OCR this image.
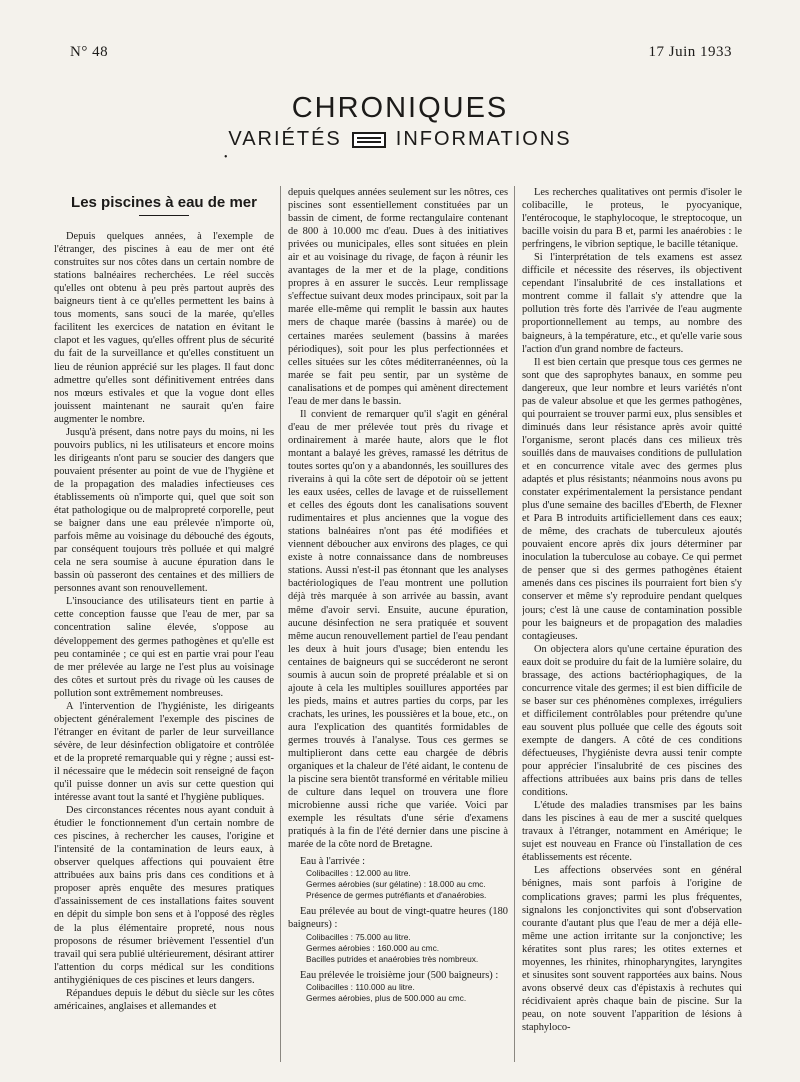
N° 48	17 Juin 1933
CHRONIQUES
VARIÉTÉS	INFORMATIONS
•
Les piscines à eau de mer

Depuis quelques années, à l'exemple de l'étranger, des piscines à eau de mer ont été construites sur nos côtes dans un certain nombre de stations balnéaires recherchées. Le réel succès qu'elles ont obtenu à peu près partout auprès des baigneurs tient à ce qu'elles permettent les bains à tous moments, sans souci de la marée, qu'elles facilitent les exercices de natation en évitant le clapot et les vagues, qu'elles offrent plus de sécurité du fait de la surveillance et qu'elles constituent un lieu de réunion apprécié sur les plages. Il faut donc admettre qu'elles sont définitivement entrées dans nos mœurs estivales et que la vogue dont elles jouissent maintenant ne saurait qu'en faire augmenter le nombre.

Jusqu'à présent, dans notre pays du moins, ni les pouvoirs publics, ni les utilisateurs et encore moins les dirigeants n'ont paru se soucier des dangers que pouvaient présenter au point de vue de l'hygiène et de la propagation des maladies infectieuses ces établissements où n'importe qui, quel que soit son état pathologique ou de malpropreté corporelle, peut se baigner dans une eau prélevée n'importe où, parfois même au voisinage du débouché des égouts, par conséquent toujours très polluée et qui malgré cela ne sera soumise à aucune épuration dans le bassin où passeront des centaines et des milliers de personnes avant son renouvellement.

L'insouciance des utilisateurs tient en partie à cette conception fausse que l'eau de mer, par sa concentration saline élevée, s'oppose au développement des germes pathogènes et qu'elle est peu contaminée ; ce qui est en partie vrai pour l'eau de mer prélevée au large ne l'est plus au voisinage des côtes et surtout près du rivage où les causes de pollution sont extrêmement nombreuses.

A l'intervention de l'hygiéniste, les dirigeants objectent généralement l'exemple des piscines de l'étranger en évitant de parler de leur surveillance sévère, de leur désinfection obligatoire et contrôlée et de la propreté remarquable qui y règne ; aussi est-il nécessaire que le médecin soit renseigné de façon qu'il puisse donner un avis sur cette question qui intéresse avant tout la santé et l'hygiène publiques.

Des circonstances récentes nous ayant conduit à étudier le fonctionnement d'un certain nombre de ces piscines, à rechercher les causes, l'origine et l'intensité de la contamination de leurs eaux, à observer quelques affections qui pouvaient être attribuées aux bains pris dans ces conditions et à proposer après enquête des mesures pratiques d'assainissement de ces installations faites souvent en dépit du simple bon sens et à l'opposé des règles de la plus élémentaire propreté, nous nous proposons de résumer brièvement l'essentiel d'un travail qui sera publié ultérieurement, désirant attirer l'attention du corps médical sur les conditions antihygiéniques de ces piscines et leurs dangers.

Répandues depuis le début du siècle sur les côtes américaines, anglaises et allemandes et

depuis quelques années seulement sur les nôtres, ces piscines sont essentiellement constituées par un bassin de ciment, de forme rectangulaire contenant de 800 à 10.000 mc d'eau. Dues à des initiatives privées ou municipales, elles sont situées en plein air et au voisinage du rivage, de façon à réunir les avantages de la mer et de la plage, conditions propres à en assurer le succès. Leur remplissage s'effectue suivant deux modes principaux, soit par la marée elle-même qui remplit le bassin aux hautes mers de chaque marée (bassins à marée) ou de certaines marées seulement (bassins à marées périodiques), soit pour les plus perfectionnées et celles situées sur les côtes méditerranéennes, où la marée se fait peu sentir, par un système de canalisations et de pompes qui amènent directement l'eau de mer dans le bassin.

Il convient de remarquer qu'il s'agit en général d'eau de mer prélevée tout près du rivage et ordinairement à marée haute, alors que le flot montant a balayé les grèves, ramassé les détritus de toutes sortes qu'on y a abandonnés, les souillures des riverains à qui la côte sert de dépotoir où se jettent les eaux usées, celles de lavage et de ruissellement et celles des égouts dont les canalisations souvent rudimentaires et plus anciennes que la vogue des stations balnéaires n'ont pas été modifiées et viennent déboucher aux environs des plages, ce qui existe à notre connaissance dans de nombreuses stations. Aussi n'est-il pas étonnant que les analyses bactériologiques de l'eau montrent une pollution déjà très marquée à son arrivée au bassin, avant même d'avoir servi. Ensuite, aucune épuration, aucune désinfection ne sera pratiquée et souvent même aucun renouvellement partiel de l'eau pendant les deux à huit jours d'usage; bien entendu les centaines de baigneurs qui se succéderont ne seront soumis à aucun soin de propreté préalable et si on ajoute à cela les multiples souillures apportées par les pieds, mains et autres parties du corps, par les crachats, les urines, les poussières et la boue, etc., on aura l'explication des quantités formidables de germes trouvés à l'analyse. Tous ces germes se multiplieront dans cette eau chargée de débris organiques et la chaleur de l'été aidant, le contenu de la piscine sera bientôt transformé en véritable milieu de culture dans lequel on trouvera une flore microbienne aussi riche que variée. Voici par exemple les résultats d'une série d'examens pratiqués à la fin de l'été dernier dans une piscine à marée de la côte nord de Bretagne.

Eau à l'arrivée :

Colibacilles : 12.000 au litre.
Germes aérobies (sur gélatine) : 18.000 au cmc.
Présence de germes putréfiants et d'anaérobies.

Eau prélevée au bout de vingt-quatre heures (180 baigneurs) :

Colibacilles : 75.000 au litre.
Germes aérobies : 160.000 au cmc.
Bacilles putrides et anaérobies très nombreux.

Eau prélevée le troisième jour (500 baigneurs) :

Colibacilles : 110.000 au litre.
Germes aérobies, plus de 500.000 au cmc.

Les recherches qualitatives ont permis d'isoler le colibacille, le proteus, le pyocyanique, l'entérocoque, le staphylocoque, le streptocoque, un bacille voisin du para B et, parmi les anaérobies : le perfringens, le vibrion septique, le bacille tétanique.

Si l'interprétation de tels examens est assez difficile et nécessite des réserves, ils objectivent cependant l'insalubrité de ces installations et montrent comme il fallait s'y attendre que la pollution très forte dès l'arrivée de l'eau augmente proportionnellement au temps, au nombre des baigneurs, à la température, etc., et qu'elle varie sous l'action d'un grand nombre de facteurs.

Il est bien certain que presque tous ces germes ne sont que des saprophytes banaux, en somme peu dangereux, que leur nombre et leurs variétés n'ont pas de valeur absolue et que les germes pathogènes, qui pourraient se trouver parmi eux, plus sensibles et diminués dans leur résistance après avoir quitté l'organisme, seront placés dans ces milieux très souillés dans de mauvaises conditions de pullulation et en concurrence vitale avec des germes plus adaptés et plus résistants; néanmoins nous avons pu constater expérimentalement la persistance pendant plus d'une semaine des bacilles d'Eberth, de Flexner et Para B introduits artificiellement dans ces eaux; de même, des crachats de tuberculeux ajoutés pouvaient encore après dix jours déterminer par inoculation la tuberculose au cobaye. Ce qui permet de penser que si des germes pathogènes étaient amenés dans ces piscines ils pourraient fort bien s'y conserver et même s'y reproduire pendant quelques jours; c'est là une cause de contamination possible pour les baigneurs et de propagation des maladies contagieuses.

On objectera alors qu'une certaine épuration des eaux doit se produire du fait de la lumière solaire, du brassage, des actions bactériophagiques, de la concurrence vitale des germes; il est bien difficile de se baser sur ces phénomènes complexes, irréguliers et difficilement contrôlables pour prétendre qu'une eau souvent plus polluée que celle des égouts soit exempte de dangers. A côté de ces conditions défectueuses, l'hygiéniste devra aussi tenir compte pour apprécier l'insalubrité de ces piscines des affections attribuées aux bains pris dans de telles conditions.

L'étude des maladies transmises par les bains dans les piscines à eau de mer a suscité quelques travaux à l'étranger, notamment en Amérique; le sujet est nouveau en France où l'installation de ces établissements est récente.

Les affections observées sont en général bénignes, mais sont parfois à l'origine de complications graves; parmi les plus fréquentes, signalons les conjonctivites qui sont d'observation courante d'autant plus que l'eau de mer a déjà elle-même une action irritante sur la conjonctive; les kératites sont plus rares; les otites externes et moyennes, les rhinites, rhinopharyngites, laryngites et sinusites sont souvent rapportées aux bains. Nous avons observé deux cas d'épistaxis à rechutes qui récidivaient après chaque bain de piscine. Sur la peau, on note souvent l'apparition de lésions à staphyloco-
